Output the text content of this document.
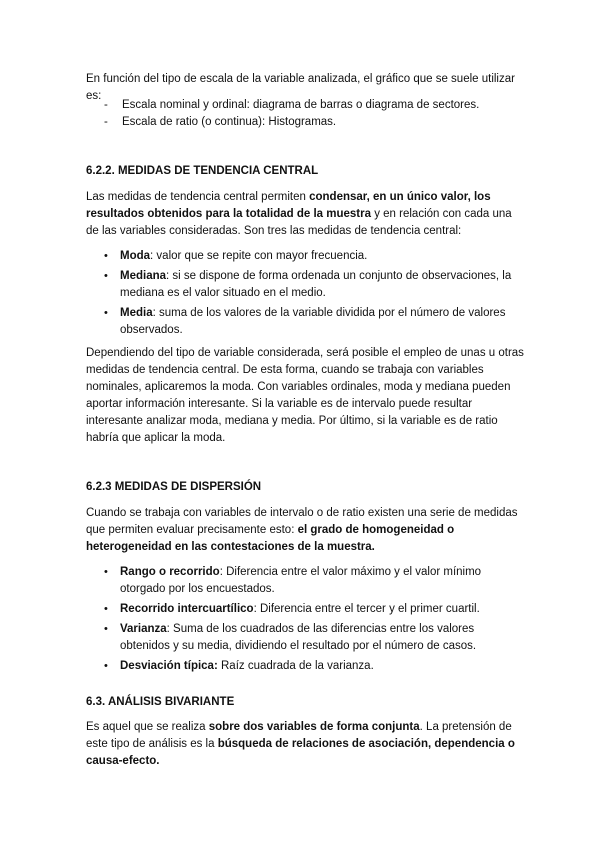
En función del tipo de escala de la variable analizada, el gráfico que se suele utilizar es:

- Escala nominal y ordinal: diagrama de barras o diagrama de sectores.
- Escala de ratio (o continua): Histogramas.
6.2.2. MEDIDAS DE TENDENCIA CENTRAL

Las medidas de tendencia central permiten condensar, en un único valor, los resultados obtenidos para la totalidad de la muestra y en relación con cada una de las variables consideradas. Son tres las medidas de tendencia central:

• Moda: valor que se repite con mayor frecuencia.
• Mediana: si se dispone de forma ordenada un conjunto de observaciones, la mediana es el valor situado en el medio.
• Media: suma de los valores de la variable dividida por el número de valores observados.

Dependiendo del tipo de variable considerada, será posible el empleo de unas u otras medidas de tendencia central. De esta forma, cuando se trabaja con variables nominales, aplicaremos la moda. Con variables ordinales, moda y mediana pueden aportar información interesante. Si la variable es de intervalo puede resultar interesante analizar moda, mediana y media. Por último, si la variable es de ratio habría que aplicar la moda.

6.2.3 MEDIDAS DE DISPERSIÓN

Cuando se trabaja con variables de intervalo o de ratio existen una serie de medidas que permiten evaluar precisamente esto: el grado de homogeneidad o heterogeneidad en las contestaciones de la muestra.

• Rango o recorrido: Diferencia entre el valor máximo y el valor mínimo otorgado por los encuestados.
• Recorrido intercuartílico: Diferencia entre el tercer y el primer cuartil.
• Varianza: Suma de los cuadrados de las diferencias entre los valores obtenidos y su media, dividiendo el resultado por el número de casos.
• Desviación típica: Raíz cuadrada de la varianza.
6.3. ANÁLISIS BIVARIANTE

Es aquel que se realiza sobre dos variables de forma conjunta. La pretensión de este tipo de análisis es la búsqueda de relaciones de asociación, dependencia o causa-efecto.
